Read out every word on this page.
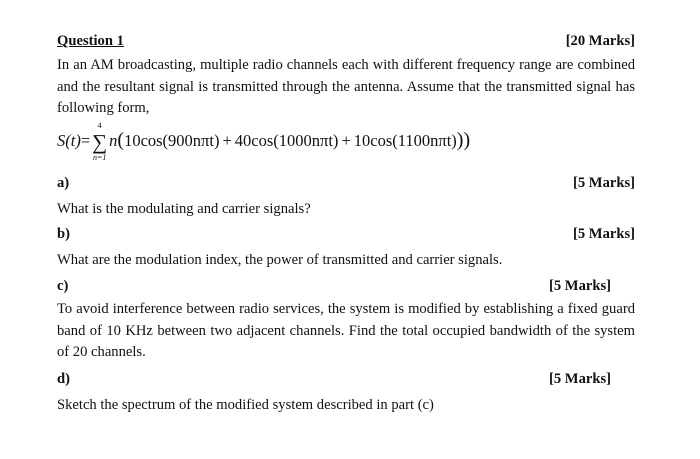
Question 1	[20 Marks]
In an AM broadcasting, multiple radio channels each with different frequency range are combined and the resultant signal is transmitted through the antenna. Assume that the transmitted signal has following form,
S(t)=
4
∑
n=1
n(10cos(900nπt) + 40cos(1000nπt) + 10cos(1100nπt)))
a)	[5 Marks]
What is the modulating and carrier signals?
b)	[5 Marks]
What are the modulation index, the power of transmitted and carrier signals.
c)	[5 Marks]
To avoid interference between radio services, the system is modified by establishing a fixed guard band of 10 KHz between two adjacent channels. Find the total occupied bandwidth of the system of 20 channels.
d)	[5 Marks]
Sketch the spectrum of the modified system described in part (c)
